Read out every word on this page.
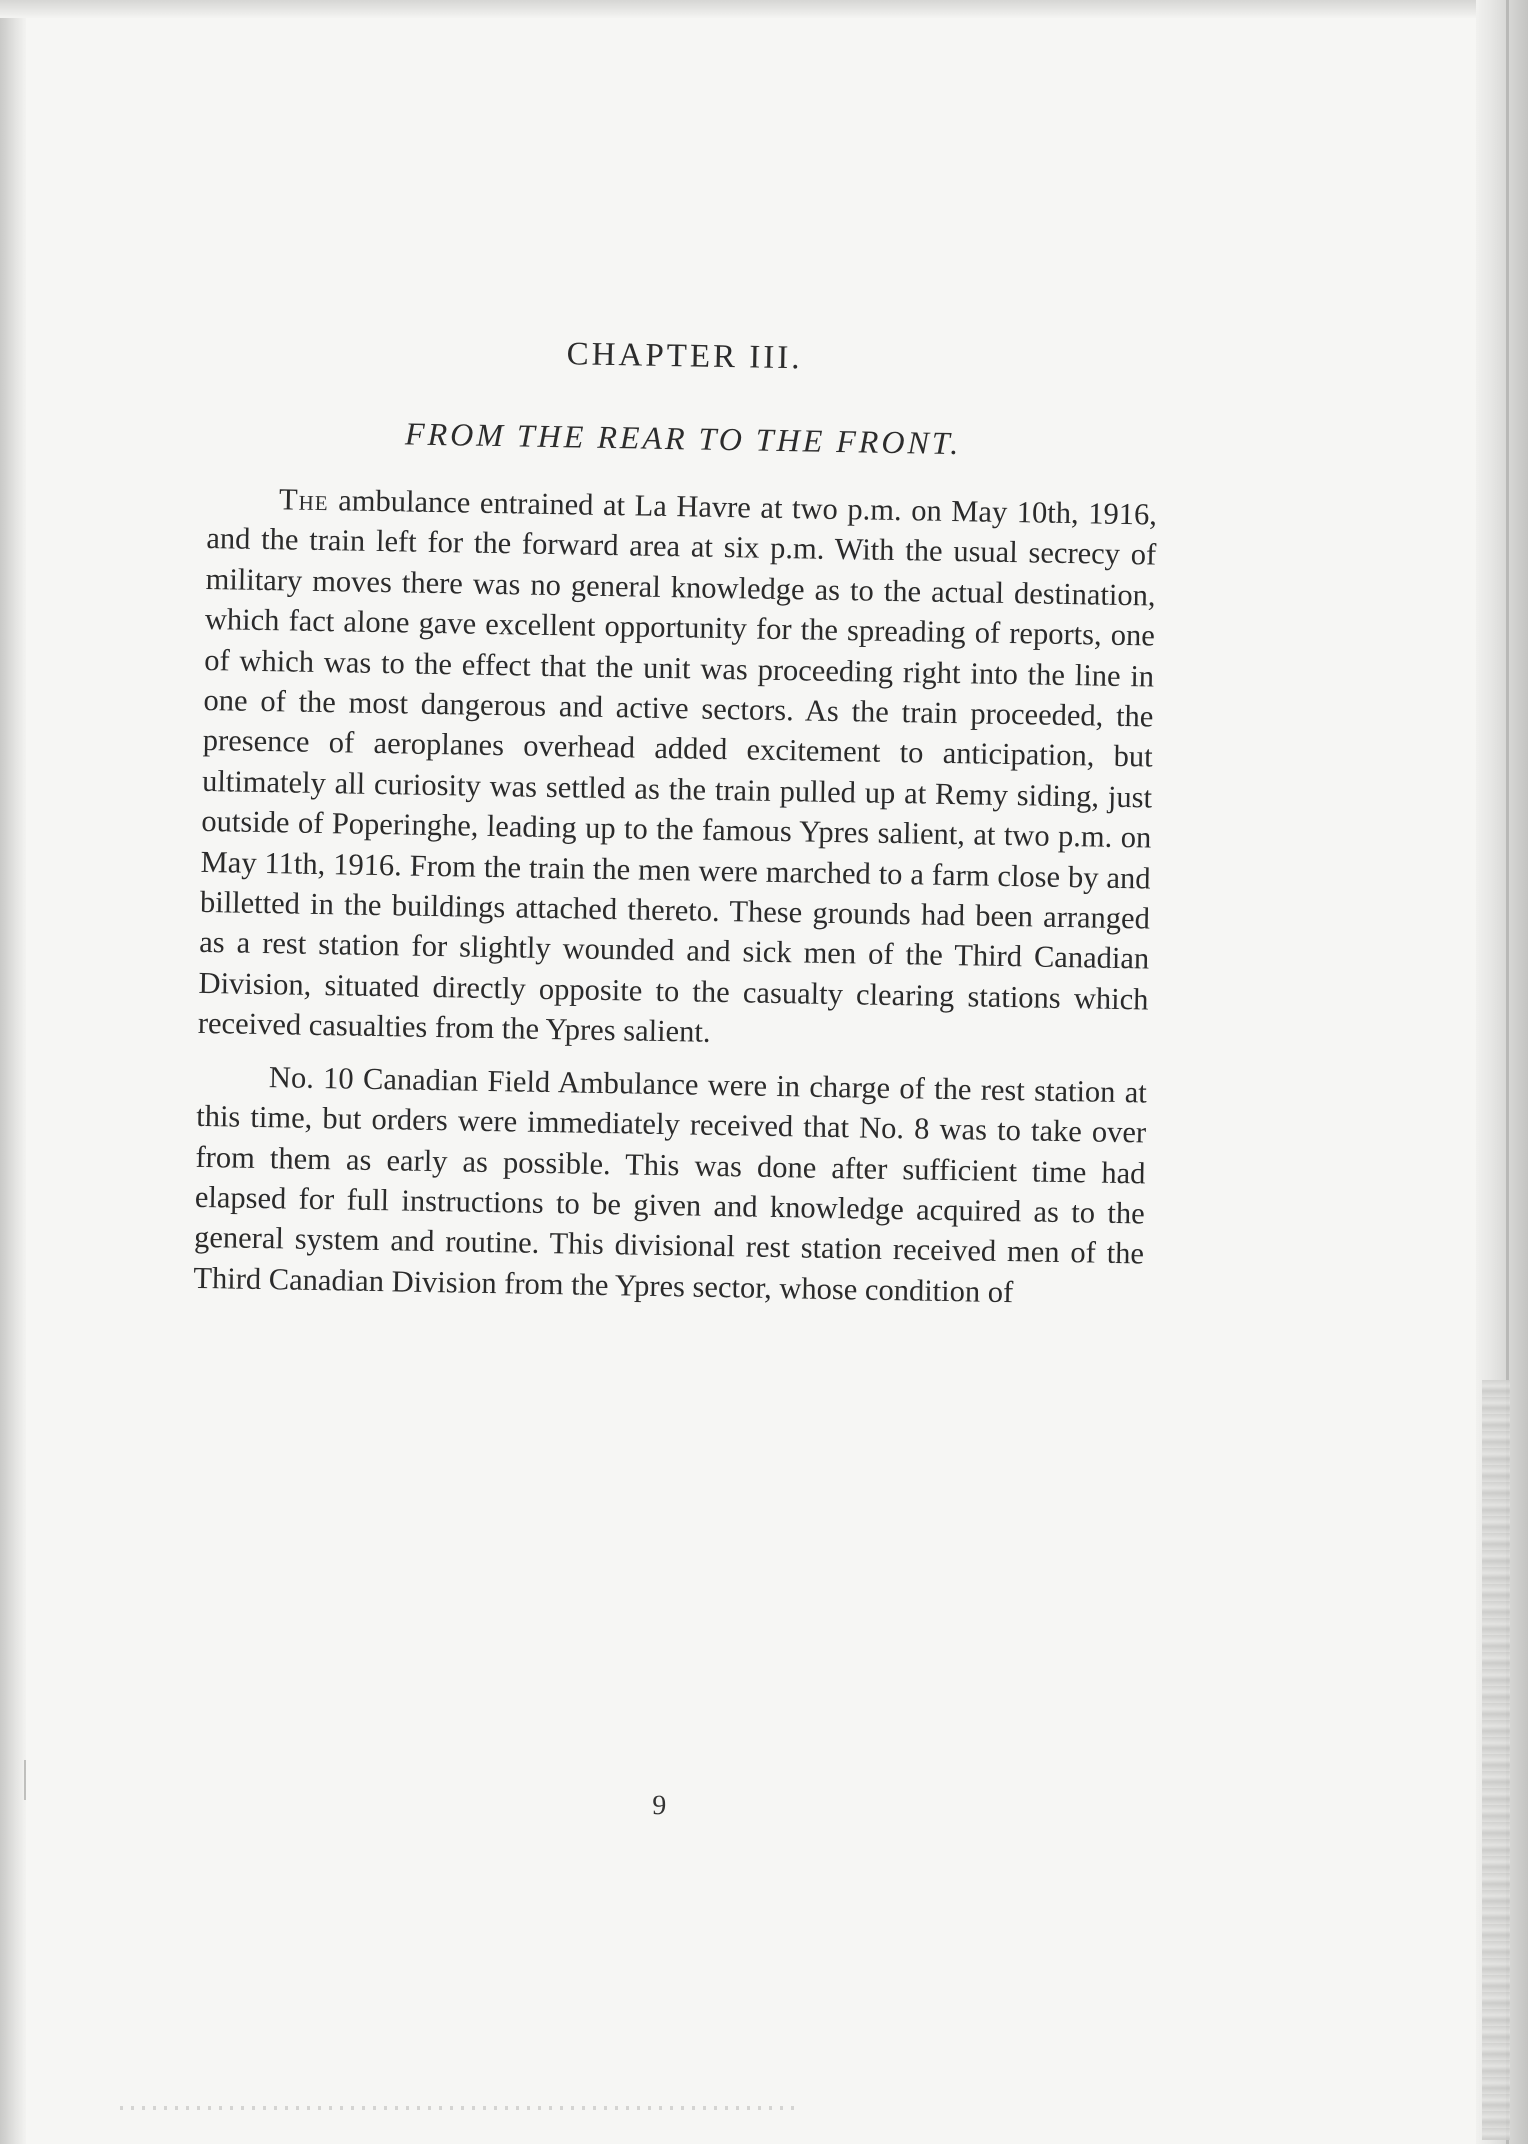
CHAPTER III.
FROM THE REAR TO THE FRONT.

The ambulance entrained at La Havre at two p.m. on May 10th, 1916, and the train left for the forward area at six p.m. With the usual secrecy of military moves there was no general knowledge as to the actual destination, which fact alone gave excellent opportunity for the spreading of reports, one of which was to the effect that the unit was proceeding right into the line in one of the most dangerous and active sectors. As the train proceeded, the presence of aeroplanes overhead added excitement to anticipation, but ultimately all curiosity was settled as the train pulled up at Remy siding, just outside of Poperinghe, leading up to the famous Ypres salient, at two p.m. on May 11th, 1916. From the train the men were marched to a farm close by and billetted in the buildings attached thereto. These grounds had been arranged as a rest station for slightly wounded and sick men of the Third Canadian Division, situated directly opposite to the casualty clearing stations which received casualties from the Ypres salient.

No. 10 Canadian Field Ambulance were in charge of the rest station at this time, but orders were immediately received that No. 8 was to take over from them as early as possible. This was done after sufficient time had elapsed for full instructions to be given and knowledge acquired as to the general system and routine. This divisional rest station received men of the Third Canadian Division from the Ypres sector, whose condition of

9
